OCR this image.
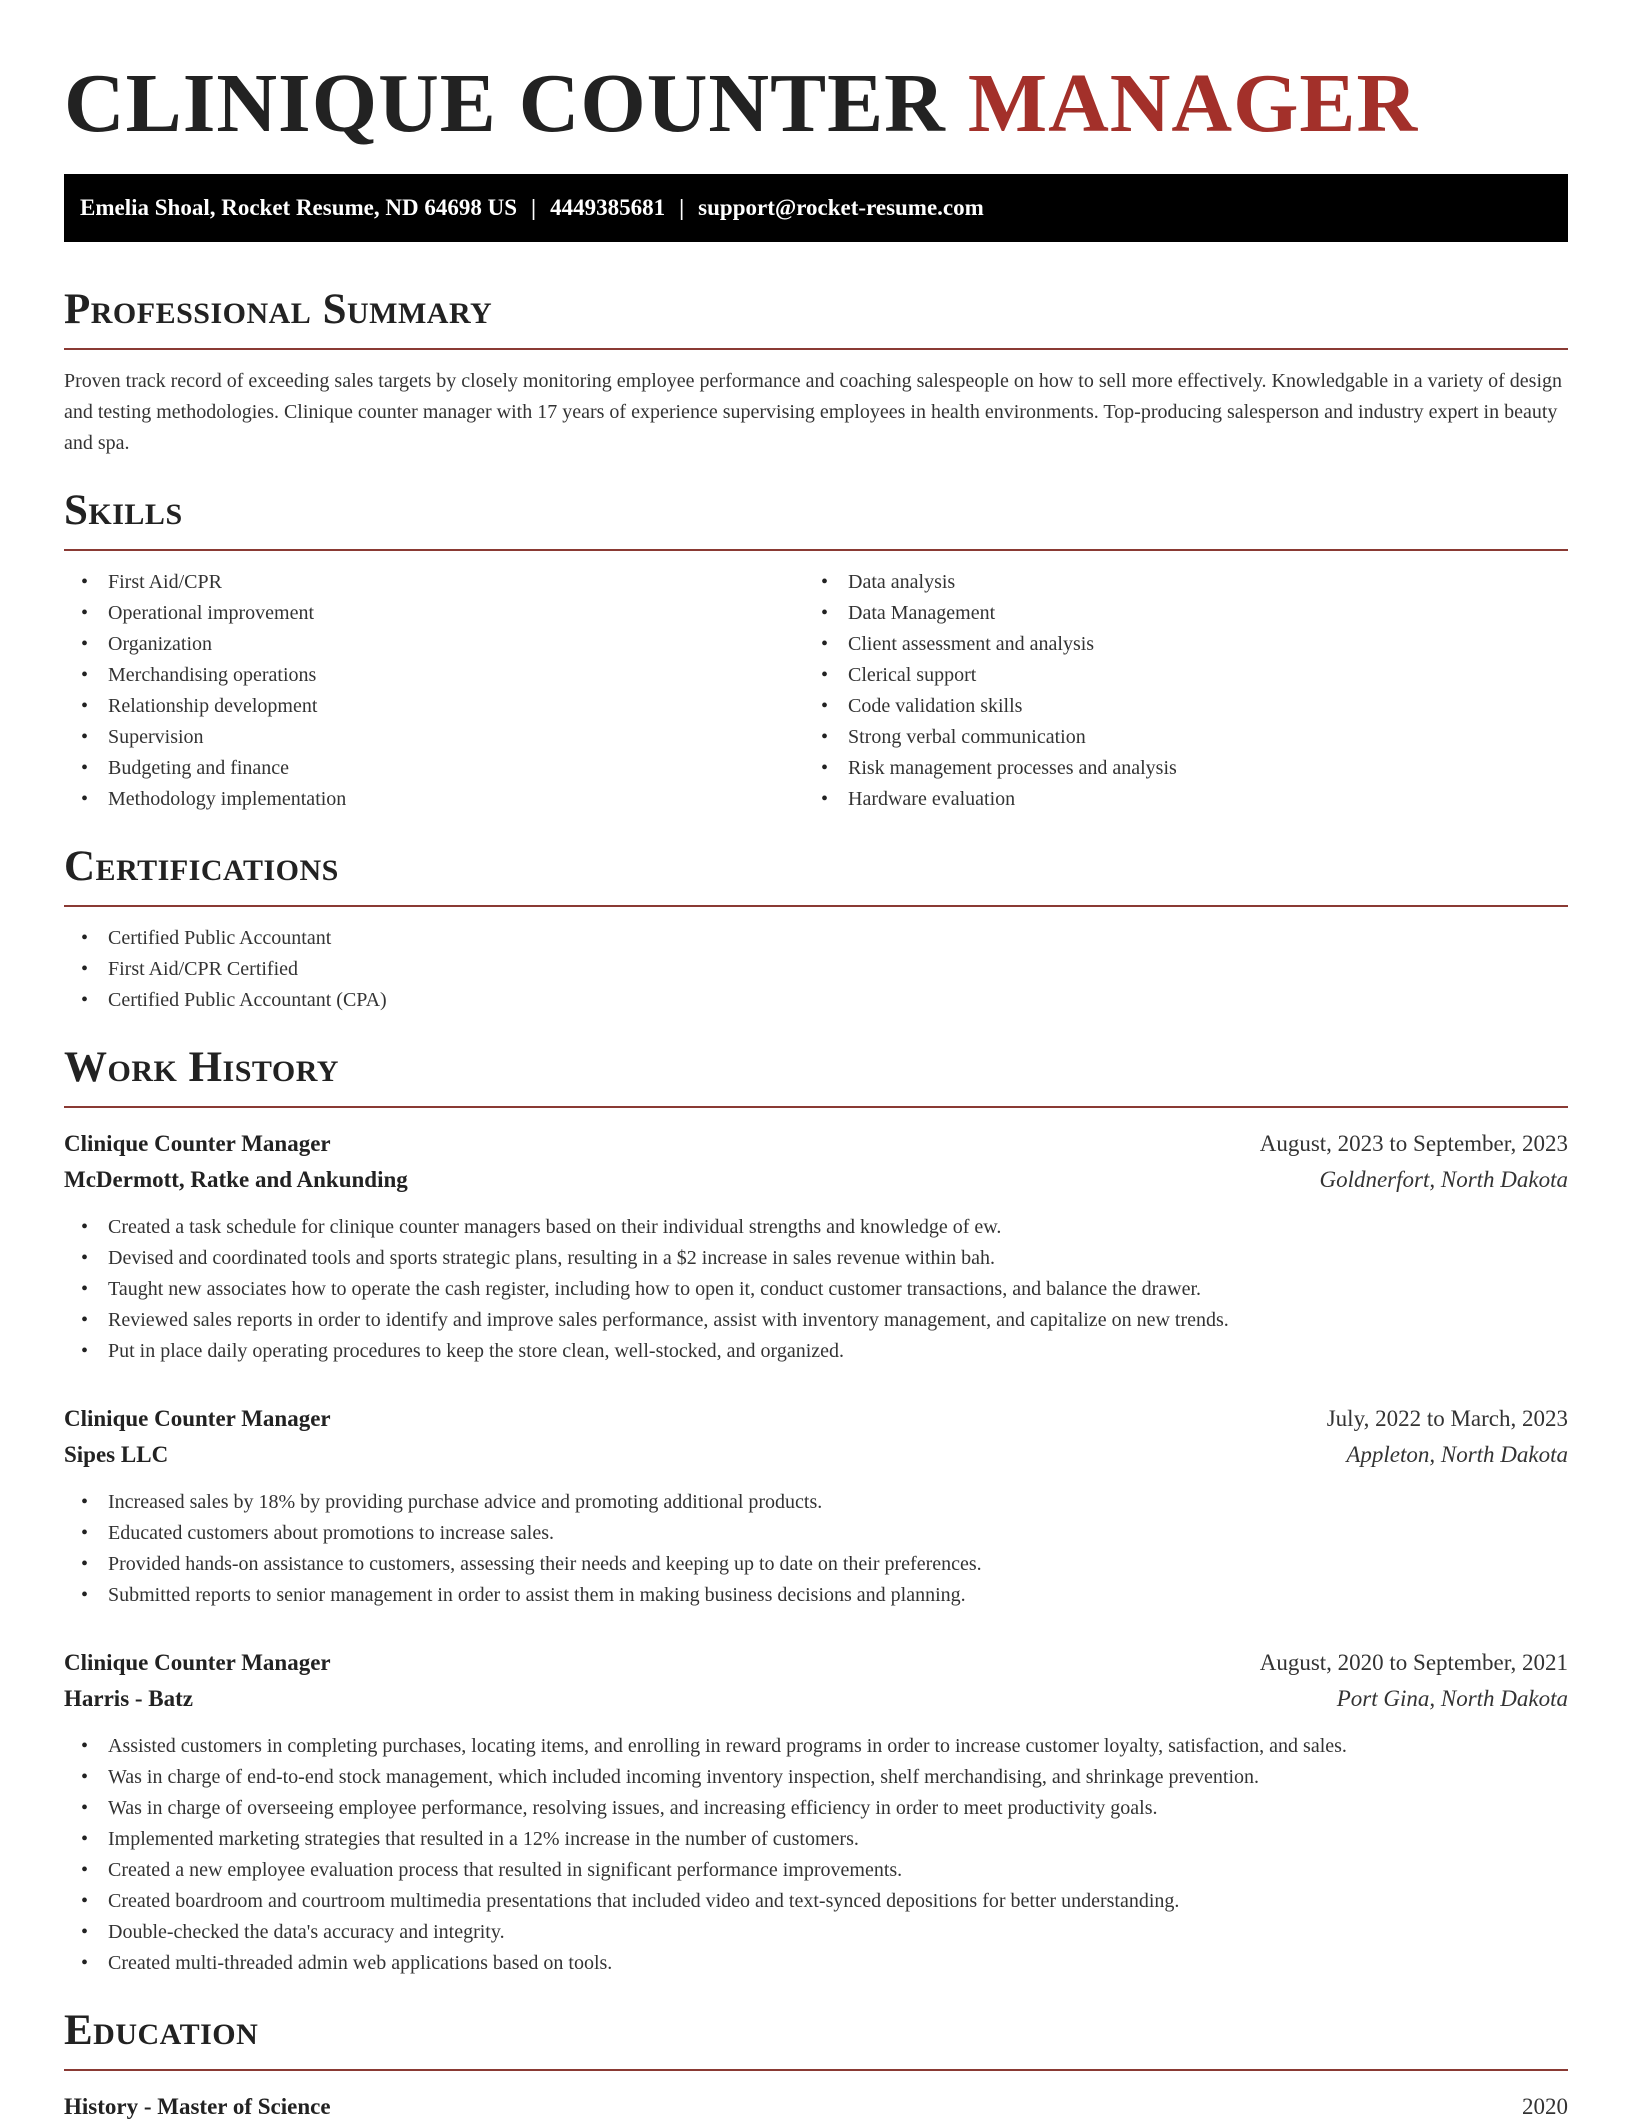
CLINIQUE COUNTER MANAGER
Emelia Shoal, Rocket Resume, ND 64698 US | 4449385681 | support@rocket-resume.com
Professional Summary

Proven track record of exceeding sales targets by closely monitoring employee performance and coaching salespeople on how to sell more effectively. Knowledgable in a variety of design and testing methodologies. Clinique counter manager with 17 years of experience supervising employees in health environments. Top-producing salesperson and industry expert in beauty and spa.

Skills
• First Aid/CPR
• Operational improvement
• Organization
• Merchandising operations
• Relationship development
• Supervision
• Budgeting and finance
• Methodology implementation
• Data analysis
• Data Management
• Client assessment and analysis
• Clerical support
• Code validation skills
• Strong verbal communication
• Risk management processes and analysis
• Hardware evaluation
Certifications
• Certified Public Accountant
• First Aid/CPR Certified
• Certified Public Accountant (CPA)
Work History
Clinique Counter Manager	August, 2023 to September, 2023
McDermott, Ratke and Ankunding	Goldnerfort, North Dakota
• Created a task schedule for clinique counter managers based on their individual strengths and knowledge of ew.
• Devised and coordinated tools and sports strategic plans, resulting in a $2 increase in sales revenue within bah.
• Taught new associates how to operate the cash register, including how to open it, conduct customer transactions, and balance the drawer.
• Reviewed sales reports in order to identify and improve sales performance, assist with inventory management, and capitalize on new trends.
• Put in place daily operating procedures to keep the store clean, well-stocked, and organized.
Clinique Counter Manager	July, 2022 to March, 2023
Sipes LLC	Appleton, North Dakota
• Increased sales by 18% by providing purchase advice and promoting additional products.
• Educated customers about promotions to increase sales.
• Provided hands-on assistance to customers, assessing their needs and keeping up to date on their preferences.
• Submitted reports to senior management in order to assist them in making business decisions and planning.
Clinique Counter Manager	August, 2020 to September, 2021
Harris - Batz	Port Gina, North Dakota
• Assisted customers in completing purchases, locating items, and enrolling in reward programs in order to increase customer loyalty, satisfaction, and sales.
• Was in charge of end-to-end stock management, which included incoming inventory inspection, shelf merchandising, and shrinkage prevention.
• Was in charge of overseeing employee performance, resolving issues, and increasing efficiency in order to meet productivity goals.
• Implemented marketing strategies that resulted in a 12% increase in the number of customers.
• Created a new employee evaluation process that resulted in significant performance improvements.
• Created boardroom and courtroom multimedia presentations that included video and text-synced depositions for better understanding.
• Double-checked the data's accuracy and integrity.
• Created multi-threaded admin web applications based on tools.
Education
History - Master of Science	2020
